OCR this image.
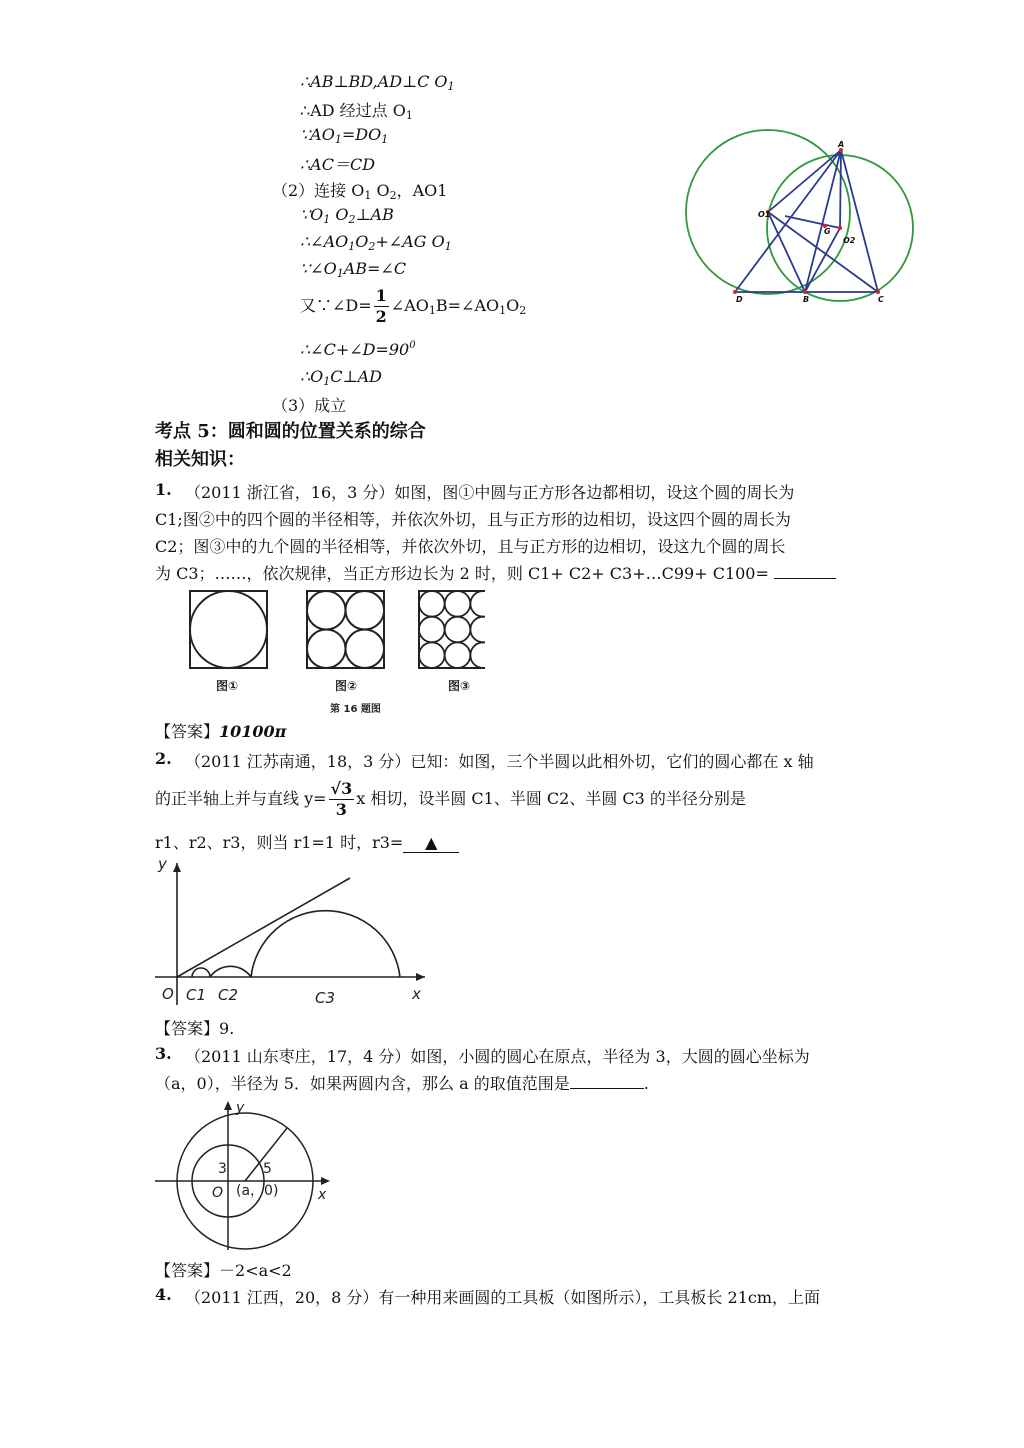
∴AB⊥BD,AD⊥C $O_1$
∴AD 经过点 $O_1$
$\because AO_1=DO_1$
∴AC＝CD
（2）连接 $O_1$ $O_2$，AO1
$\because O_1$ $O_2\perp AB$
$\therefore\angle AO_1O_2+\angle AG$ $O_1$
$\because\angle O_1AB=\angle C$
又∵∠D= $\frac{1}{2}$ $\angle AO_1B=\angle AO_1O_2$
$\therefore\angle C+\angle D=90^0$
$\therefore O_1C\perp AD$
（3）成立
A
D	B	C
O1
O2
G
考点 5：圆和圆的位置关系的综合
相关知识：
1. （2011 浙江省，16，3 分）如图，图①中圆与正方形各边都相切，设这个圆的周长为
C1;图②中的四个圆的半径相等，并依次外切，且与正方形的边相切，设这四个圆的周长为
C2；图③中的九个圆的半径相等，并依次外切，且与正方形的边相切，设这九个圆的周长
为 C3；……，依次规律，当正方形边长为 2 时，则 C1+ C2+ C3+…C99+ C100=
图①	图②	图③
第 16 题图
【答案】10100π
2. （2011 江苏南通，18，3 分）已知：如图，三个半圆以此相外切，它们的圆心都在 x 轴
的正半轴上并与直线 $y= \frac{√3}{3}$ x 相切，设半圆 C1、半圆 C2、半圆 C3 的半径分别是
r1、r2、r3，则当 r1=1 时，r3= ▲
y
x
O C1 C2	C3
【答案】9.
3. （2011 山东枣庄，17，4 分）如图，小圆的圆心在原点，半径为 3，大圆的圆心坐标为
（a，0），半径为 5．如果两圆内含，那么 a 的取值范围是	.
y
x
O
3	5
(a，0)
【答案】－2<a<2
4. （2011 江西，20，8 分）有一种用来画圆的工具板（如图所示），工具板长 21cm，上面
